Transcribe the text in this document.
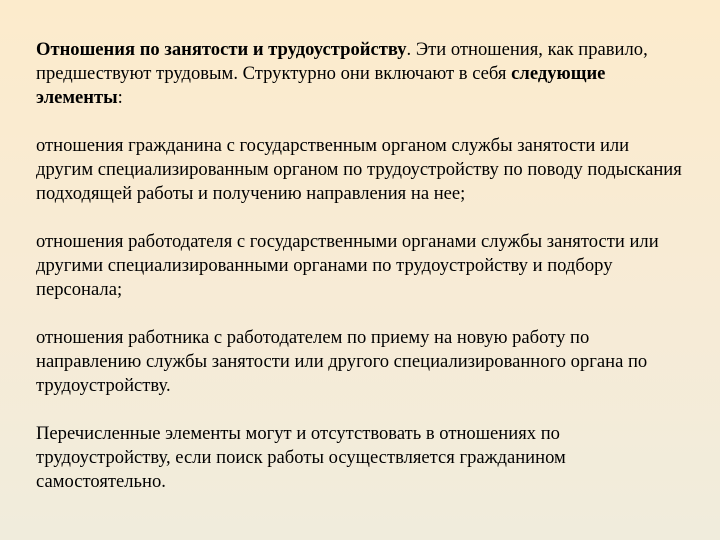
Отношения по занятости и трудоустройству. Эти отношения, как правило, предшествуют трудовым. Структурно они включают в себя следующие элементы:

отношения гражданина с государственным органом службы занятости или другим специализированным органом по трудоустройству по поводу подыскания подходящей работы и получению направления на нее;

отношения работодателя с государственными органами службы занятости или другими специализированными органами по трудоустройству и подбору персонала;

отношения работника с работодателем по приему на новую работу по направлению службы занятости или другого специализированного органа по трудоустройству.

Перечисленные элементы могут и отсутствовать в отношениях по трудоустройству, если поиск работы осуществляется гражданином самостоятельно.
